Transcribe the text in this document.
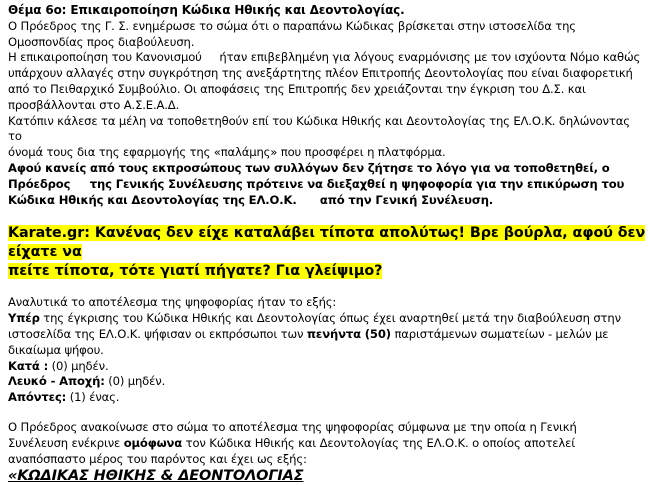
Θέμα 6ο: Επικαιροποίηση Κώδικα Ηθικής και Δεοντολογίας.

Ο Πρόεδρος της Γ. Σ. ενημέρωσε το σώμα ότι ο παραπάνω Κώδικας βρίσκεται στην ιστοσελίδα της

Ομοσπονδίας προς διαβούλευση.

Η επικαιροποίηση του Κανονισμού     ήταν επιβεβλημένη για λόγους εναρμόνισης με τον ισχύοντα Νόμο καθώς

υπάρχουν αλλαγές στην συγκρότηση της ανεξάρτητης πλέον Επιτροπής Δεοντολογίας που είναι διαφορετική

από το Πειθαρχικό Συμβούλιο. Οι αποφάσεις της Επιτροπής δεν χρειάζονται την έγκριση του Δ.Σ. και

προσβάλλονται στο Α.Σ.Ε.Α.Δ.

Κατόπιν κάλεσε τα μέλη να τοποθετηθούν επί του Κώδικα Ηθικής και Δεοντολογίας της ΕΛ.Ο.Κ. δηλώνοντας το

όνομά τους δια της εφαρμογής της «παλάμης» που προσφέρει η πλατφόρμα.

Αφού κανείς από τους εκπροσώπους των συλλόγων δεν ζήτησε το λόγο για να τοποθετηθεί, ο

Πρόεδρος     της Γενικής Συνέλευσης πρότεινε να διεξαχθεί η ψηφοφορία για την επικύρωση του

Κώδικα Ηθικής και Δεοντολογίας της ΕΛ.Ο.Κ.      από την Γενική Συνέλευση.

Karate.gr: Κανένας δεν είχε καταλάβει τίποτα απολύτως! Βρε βούρλα, αφού δεν είχατε να

πείτε τίποτα, τότε γιατί πήγατε? Για γλείψιμο?

Αναλυτικά το αποτέλεσμα της ψηφοφορίας ήταν το εξής:

Υπέρ της έγκρισης του Κώδικα Ηθικής και Δεοντολογίας όπως έχει αναρτηθεί μετά την διαβούλευση στην

ιστοσελίδα της ΕΛ.Ο.Κ. ψήφισαν οι εκπρόσωποι των πενήντα (50) παριστάμενων σωματείων - μελών με

δικαίωμα ψήφου.

Κατά : (0) μηδέν.

Λευκό - Αποχή: (0) μηδέν.

Απόντες: (1) ένας.

Ο Πρόεδρος ανακοίνωσε στο σώμα το αποτέλεσμα της ψηφοφορίας σύμφωνα με την οποία η Γενική

Συνέλευση ενέκρινε ομόφωνα τον Κώδικα Ηθικής και Δεοντολογίας της ΕΛ.Ο.Κ. ο οποίος αποτελεί

αναπόσπαστο μέρος του παρόντος και έχει ως εξής:

«ΚΩΔΙΚΑΣ ΗΘΙΚΗΣ & ΔΕΟΝΤΟΛΟΓΙΑΣ
